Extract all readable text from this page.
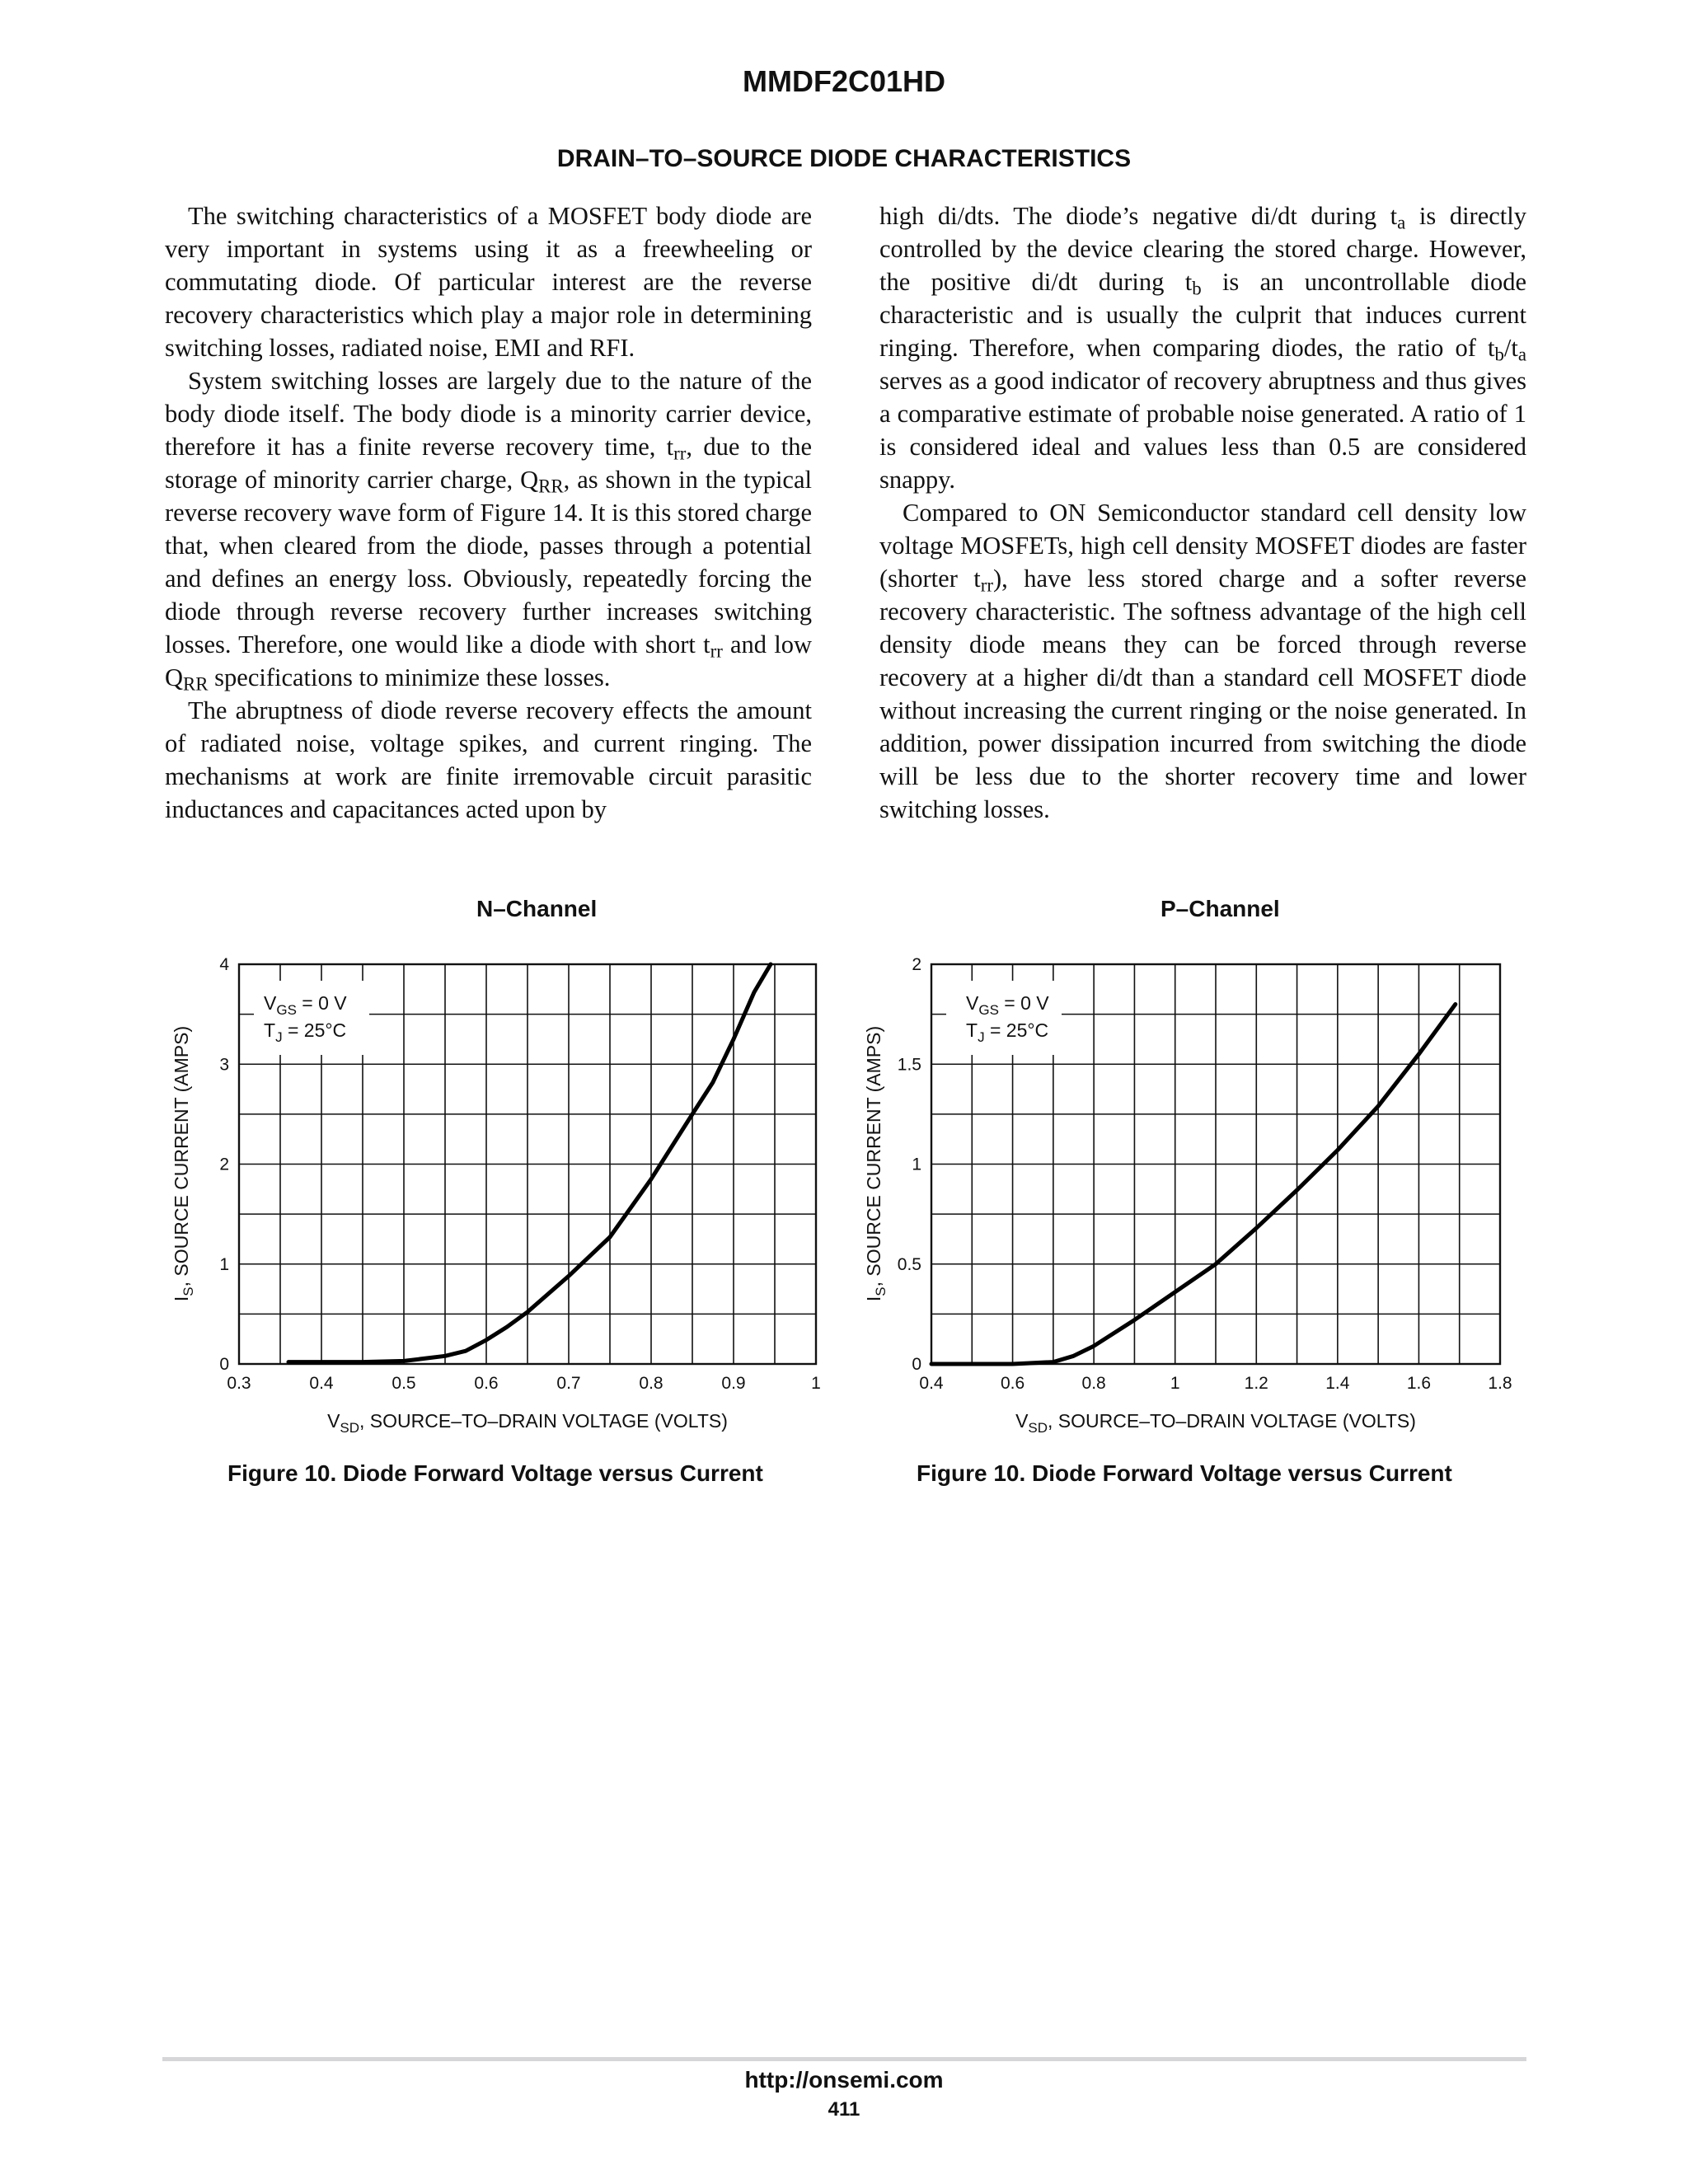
MMDF2C01HD
DRAIN–TO–SOURCE DIODE CHARACTERISTICS

The switching characteristics of a MOSFET body diode are very important in systems using it as a freewheeling or commutating diode. Of particular interest are the reverse recovery characteristics which play a major role in determining switching losses, radiated noise, EMI and RFI.

System switching losses are largely due to the nature of the body diode itself. The body diode is a minority carrier device, therefore it has a finite reverse recovery time, $t_{rr}$, due to the storage of minority carrier charge, $Q_{RR}$, as shown in the typical reverse recovery wave form of Figure 14. It is this stored charge that, when cleared from the diode, passes through a potential and defines an energy loss. Obviously, repeatedly forcing the diode through reverse recovery further increases switching losses. Therefore, one would like a diode with short $t_{rr}$ and low $Q_{RR}$ specifications to minimize these losses.

The abruptness of diode reverse recovery effects the amount of radiated noise, voltage spikes, and current ringing. The mechanisms at work are finite irremovable circuit parasitic inductances and capacitances acted upon by

high di/dts. The diode’s negative di/dt during $t_a$ is directly controlled by the device clearing the stored charge. However, the positive di/dt during $t_b$ is an uncontrollable diode characteristic and is usually the culprit that induces current ringing. Therefore, when comparing diodes, the ratio of $t_b/t_a$ serves as a good indicator of recovery abruptness and thus gives a comparative estimate of probable noise generated. A ratio of 1 is considered ideal and values less than 0.5 are considered snappy.

Compared to ON Semiconductor standard cell density low voltage MOSFETs, high cell density MOSFET diodes are faster (shorter $t_{rr}$), have less stored charge and a softer reverse recovery characteristic. The softness advantage of the high cell density diode means they can be forced through reverse recovery at a higher di/dt than a standard cell MOSFET diode without increasing the current ringing or the noise generated. In addition, power dissipation incurred from switching the diode will be less due to the shorter recovery time and lower switching losses.

N–Channel
$V_{GS} = 0$ V
$T_J = 25^\circ C$
0.3	0.4	0.5	0.6	0.7	0.8	0.9	1
0
1
2
3
4
$V_{SD}$, SOURCE–TO–DRAIN VOLTAGE (VOLTS)
$I_S$, SOURCE CURRENT (AMPS)
Figure 10. Diode Forward Voltage versus Current
P–Channel
$V_{GS} = 0$ V
$T_J = 25^\circ C$
0.4	0.6	0.8	1	1.2	1.4	1.6	1.8
0
0.5
1
1.5
2
$V_{SD}$, SOURCE–TO–DRAIN VOLTAGE (VOLTS)
$I_S$, SOURCE CURRENT (AMPS)
Figure 10. Diode Forward Voltage versus Current
http://onsemi.com
411
